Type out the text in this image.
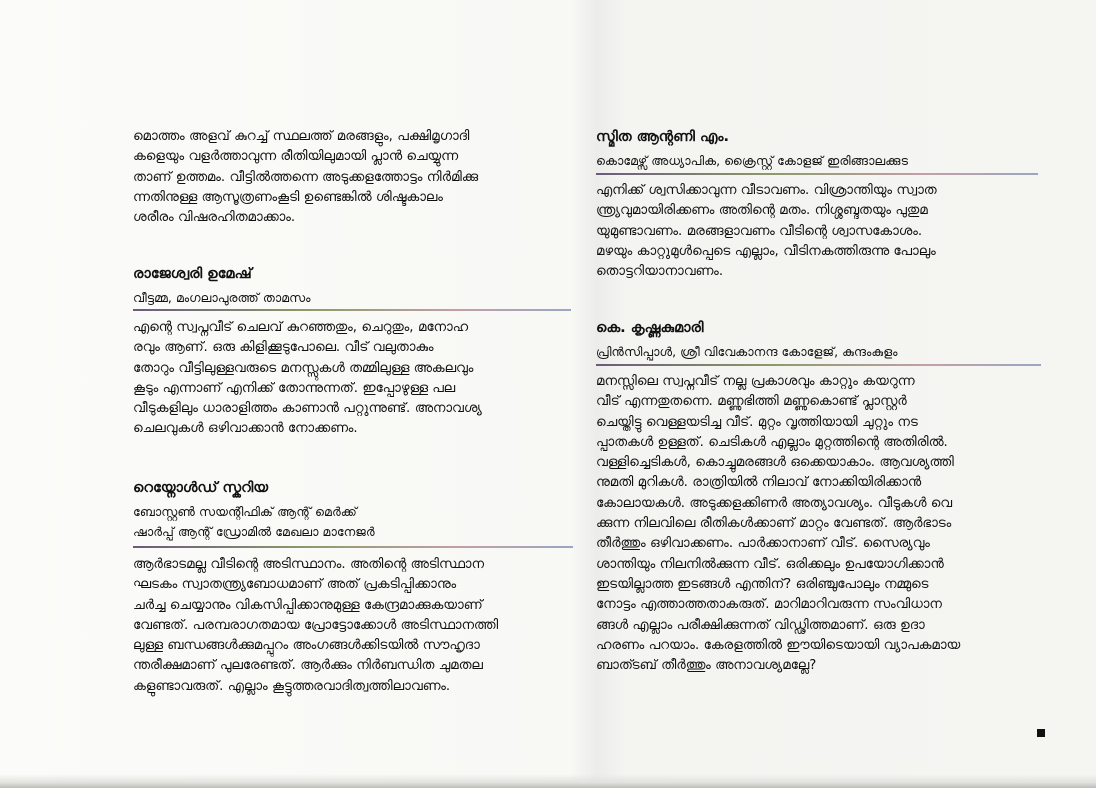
മൊത്തം അളവ് കുറച്ച് സ്ഥലത്ത് മരങ്ങളും, പക്ഷിമൃഗാദി
കളെയും വളർത്താവുന്ന രീതിയിലുമായി പ്ലാൻ ചെയ്യുന്ന
താണ് ഉത്തമം. വീട്ടിൽത്തന്നെ അടുക്കളത്തോട്ടം നിർമിക്കു
ന്നതിനുള്ള ആസൂത്രണംകൂടി ഉണ്ടെങ്കിൽ ശിഷ്ടകാലം
ശരീരം വിഷരഹിതമാക്കാം.
രാജേശ്വരി ഉമേഷ്
വീട്ടമ്മ, മംഗലാപുരത്ത് താമസം
എന്റെ സ്വപ്നവീട് ചെലവ് കുറഞ്ഞതും, ചെറുതും, മനോഹ
രവും ആണ്. ഒരു കിളിക്കൂടുപോലെ. വീട് വലുതാകും
തോറും വീട്ടിലുള്ളവരുടെ മനസ്സുകൾ തമ്മിലുള്ള അകലവും
കൂടും എന്നാണ് എനിക്ക് തോന്നുന്നത്. ഇപ്പോഴുള്ള പല
വീടുകളിലും ധാരാളിത്തം കാണാൻ പറ്റുന്നുണ്ട്. അനാവശ്യ
ചെലവുകൾ ഒഴിവാക്കാൻ നോക്കണം.
റെയ്നോൾഡ് സ്കറിയ
ബോസ്റ്റൺ സയന്റിഫിക് ആന്റ് മെർക്ക്
ഷാർപ്പ് ആന്റ് ഡ്രോമിൽ മേഖലാ മാനേജർ
ആർഭാടമല്ല വീടിന്റെ അടിസ്ഥാനം. അതിന്റെ അടിസ്ഥാന
ഘടകം സ്വാതന്ത്ര്യബോധമാണ് അത് പ്രകടിപ്പിക്കാനും
ചർച്ച ചെയ്യാനും വികസിപ്പിക്കാനുമുള്ള കേന്ദ്രമാക്കുകയാണ്
വേണ്ടത്. പരമ്പരാഗതമായ പ്രോട്ടോക്കോൾ അടിസ്ഥാനത്തി
ലുള്ള ബന്ധങ്ങൾക്കുമപ്പുറം അംഗങ്ങൾക്കിടയിൽ സൗഹൃദാ
ന്തരീക്ഷമാണ് പുലരേണ്ടത്. ആർക്കും നിർബന്ധിത ചുമതല
കളുണ്ടാവരുത്. എല്ലാം കൂട്ടുത്തരവാദിത്വത്തിലാവണം.
സ്മിത ആന്റണി എം.
കൊമേഴ്സ് അധ്യാപിക, ക്രൈസ്റ്റ് കോളജ് ഇരിങ്ങാലക്കുട
എനിക്ക് ശ്വസിക്കാവുന്ന വീടാവണം. വിശ്രാന്തിയും സ്വാത
ന്ത്ര്യവുമായിരിക്കണം അതിന്റെ മതം. നിശ്ശബ്ദതയും പുതുമ
യുമുണ്ടാവണം. മരങ്ങളാവണം വീടിന്റെ ശ്വാസകോശം.
മഴയും കാറ്റുമുൾപ്പെടെ എല്ലാം, വീടിനകത്തിരുന്നു പോലും
തൊട്ടറിയാനാവണം.
കെ. കൃഷ്ണകുമാരി
പ്രിൻസിപ്പാൾ, ശ്രീ വിവേകാനന്ദ കോളേജ്, കുന്ദംകുളം
മനസ്സിലെ സ്വപ്നവീട് നല്ല പ്രകാശവും കാറ്റും കയറുന്ന
വീട് എന്നതുതന്നെ. മണ്ണുഭിത്തി മണ്ണുകൊണ്ട് പ്ലാസ്റ്റർ
ചെയ്തിട്ടു വെള്ളയടിച്ച വീട്. മുറ്റം വൃത്തിയായി ചുറ്റും നട
പ്പാതകൾ ഉള്ളത്. ചെടികൾ എല്ലാം മുറ്റത്തിന്റെ അതിരിൽ.
വള്ളിച്ചെടികൾ, കൊച്ചുമരങ്ങൾ ഒക്കെയാകാം. ആവശ്യത്തി
നുമതി മുറികൾ. രാത്രിയിൽ നിലാവ് നോക്കിയിരിക്കാൻ
കോലായകൾ. അടുക്കളക്കിണർ അത്യാവശ്യം. വീടുകൾ വെ
ക്കുന്ന നിലവിലെ രീതികൾക്കാണ് മാറ്റം വേണ്ടത്. ആർഭാടം
തീർത്തും ഒഴിവാക്കണം. പാർക്കാനാണ് വീട്. സൈര്യവും
ശാന്തിയും നിലനിൽക്കുന്ന വീട്. ഒരിക്കലും ഉപയോഗിക്കാൻ
ഇടയില്ലാത്ത ഇടങ്ങൾ എന്തിന്? ഒരിഞ്ചുപോലും നമ്മുടെ
നോട്ടം എത്താത്തതാകരുത്. മാറിമാറിവരുന്ന സംവിധാന
ങ്ങൾ എല്ലാം പരീക്ഷിക്കുന്നത് വിഡ്ഢിത്തമാണ്. ഒരു ഉദാ
ഹരണം പറയാം. കേരളത്തിൽ ഈയിടെയായി വ്യാപകമായ
ബാത്ടബ് തീർത്തും അനാവശ്യമല്ലേ?
